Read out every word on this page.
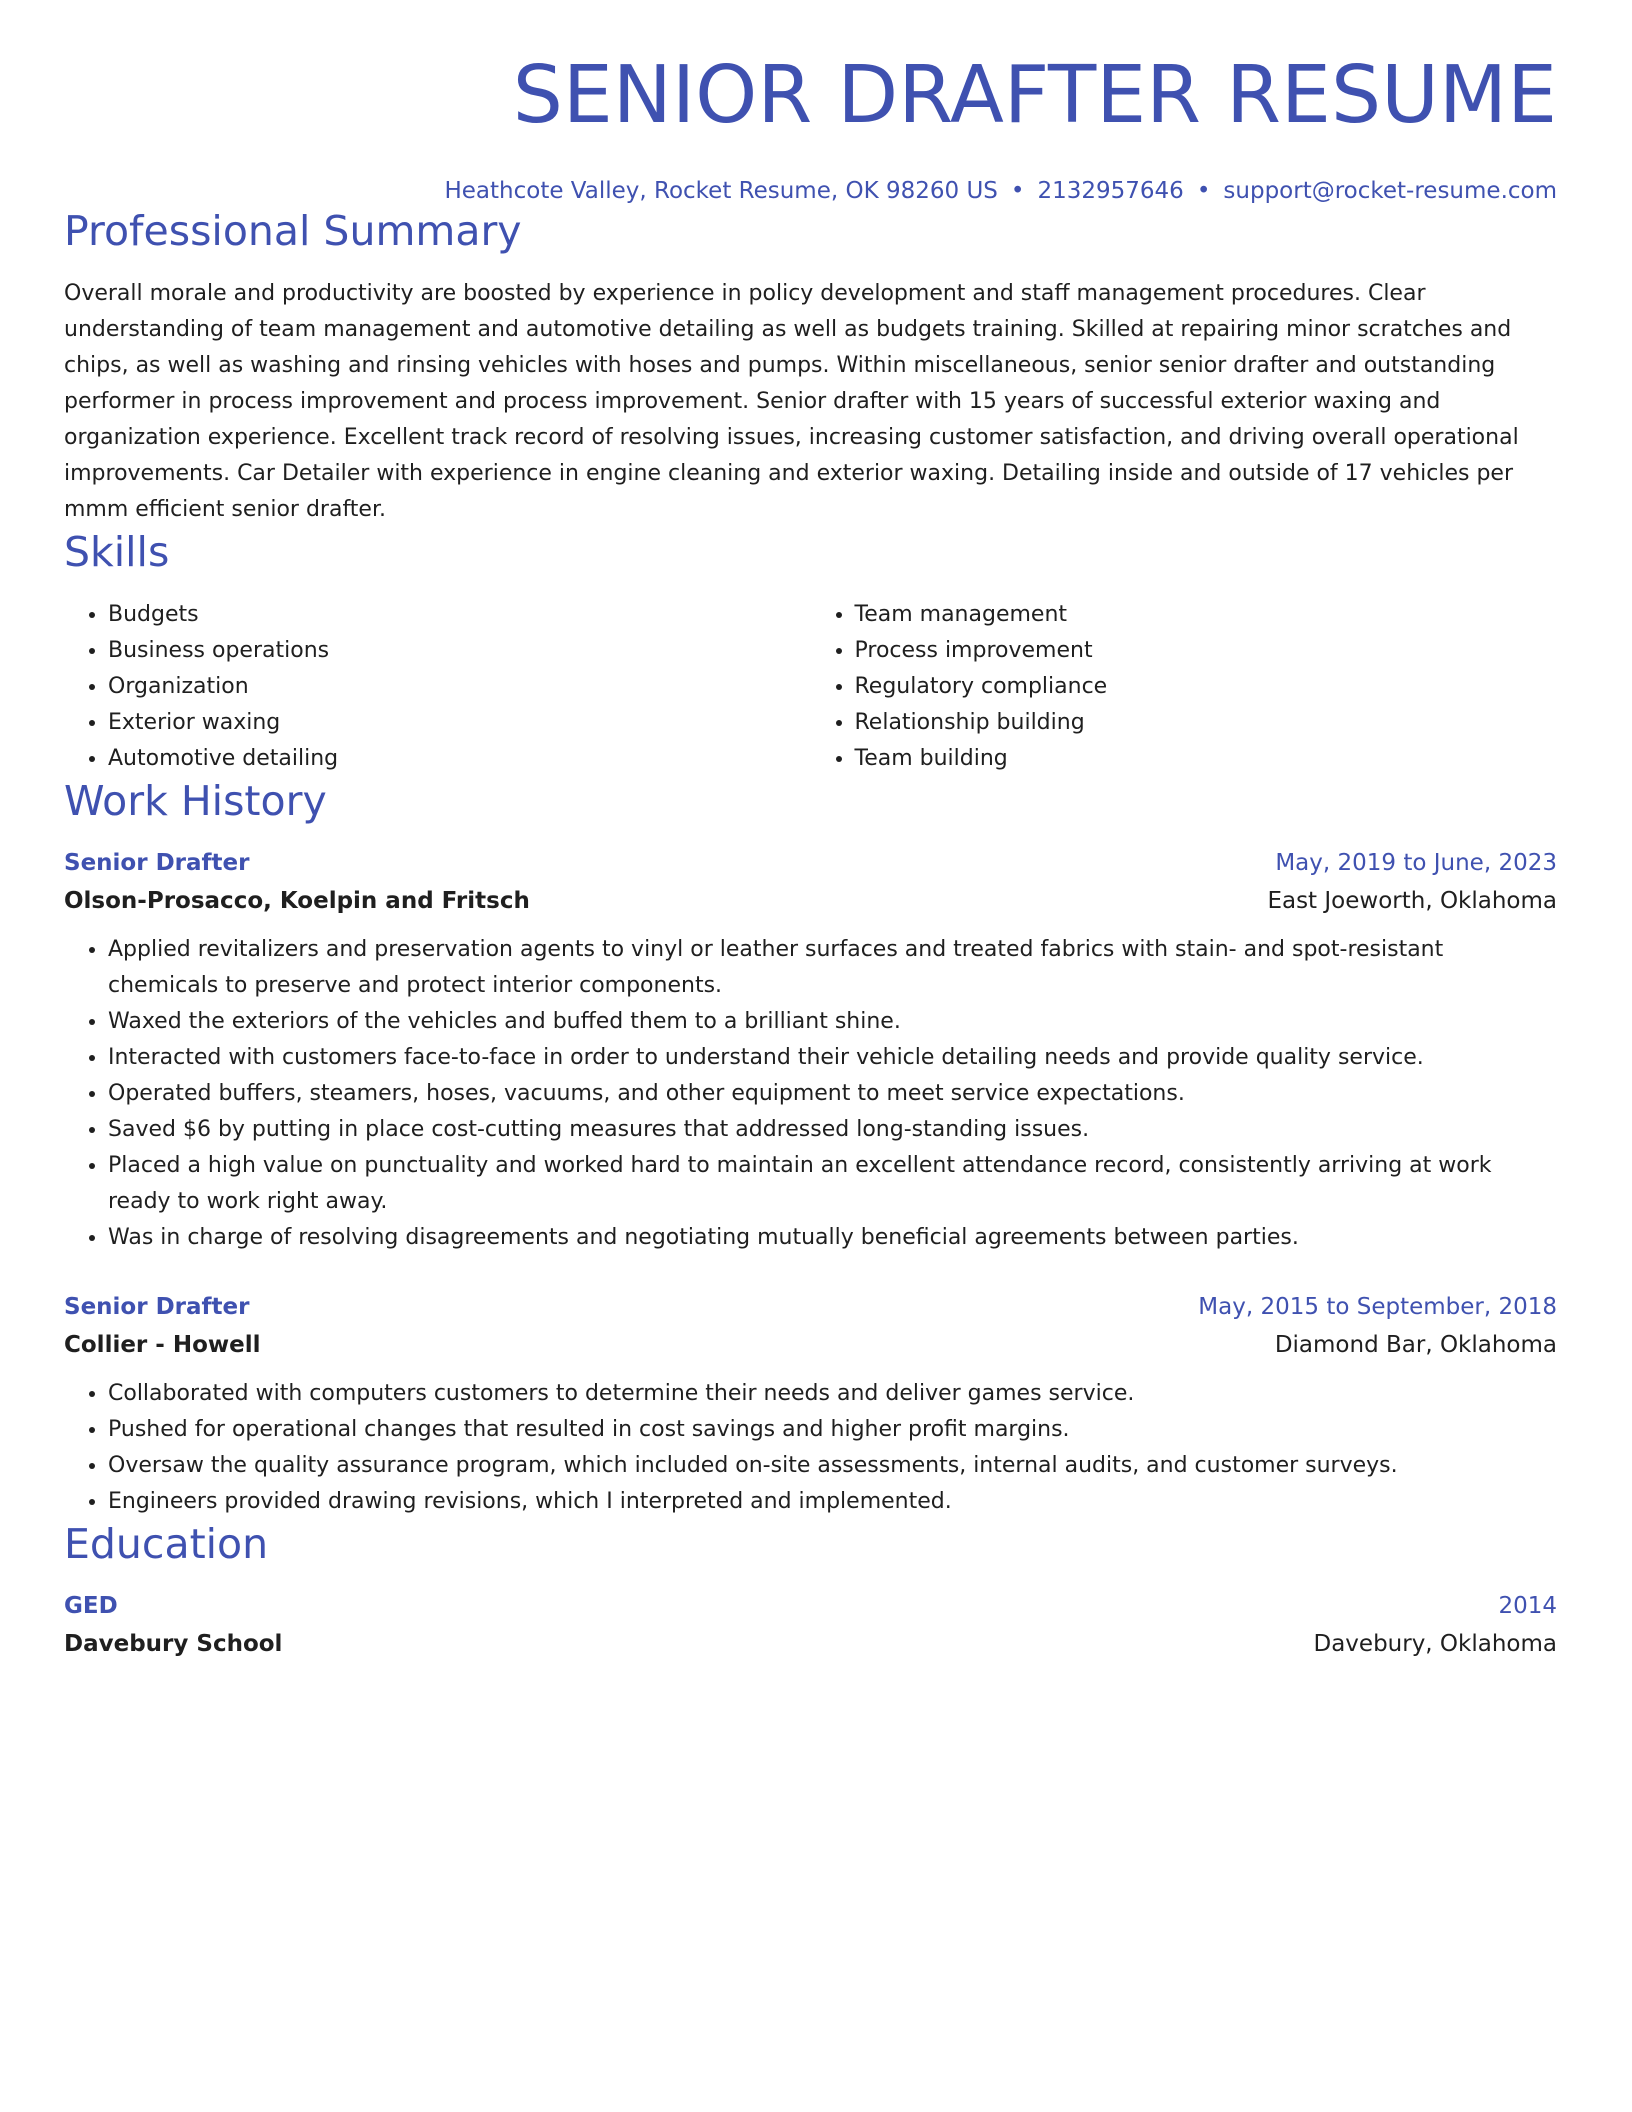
SENIOR DRAFTER RESUME
Heathcote Valley, Rocket Resume, OK 98260 US • 2132957646 • support@rocket-resume.com
Professional Summary

Overall morale and productivity are boosted by experience in policy development and staff management procedures. Clear understanding of team management and automotive detailing as well as budgets training. Skilled at repairing minor scratches and chips, as well as washing and rinsing vehicles with hoses and pumps. Within miscellaneous, senior senior drafter and outstanding performer in process improvement and process improvement. Senior drafter with 15 years of successful exterior waxing and organization experience. Excellent track record of resolving issues, increasing customer satisfaction, and driving overall operational improvements. Car Detailer with experience in engine cleaning and exterior waxing. Detailing inside and outside of 17 vehicles per mmm efficient senior drafter.

Skills
• Budgets
• Business operations
• Organization
• Exterior waxing
• Automotive detailing
• Team management
• Process improvement
• Regulatory compliance
• Relationship building
• Team building
Work History
Senior Drafter	May, 2019 to June, 2023
Olson-Prosacco, Koelpin and Fritsch	East Joeworth, Oklahoma
• Applied revitalizers and preservation agents to vinyl or leather surfaces and treated fabrics with stain- and spot-resistant chemicals to preserve and protect interior components.
• Waxed the exteriors of the vehicles and buffed them to a brilliant shine.
• Interacted with customers face-to-face in order to understand their vehicle detailing needs and provide quality service.
• Operated buffers, steamers, hoses, vacuums, and other equipment to meet service expectations.
• Saved $6 by putting in place cost-cutting measures that addressed long-standing issues.
• Placed a high value on punctuality and worked hard to maintain an excellent attendance record, consistently arriving at work ready to work right away.
• Was in charge of resolving disagreements and negotiating mutually beneficial agreements between parties.
Senior Drafter	May, 2015 to September, 2018
Collier - Howell	Diamond Bar, Oklahoma
• Collaborated with computers customers to determine their needs and deliver games service.
• Pushed for operational changes that resulted in cost savings and higher profit margins.
• Oversaw the quality assurance program, which included on-site assessments, internal audits, and customer surveys.
• Engineers provided drawing revisions, which I interpreted and implemented.
Education
GED	2014
Davebury School	Davebury, Oklahoma
